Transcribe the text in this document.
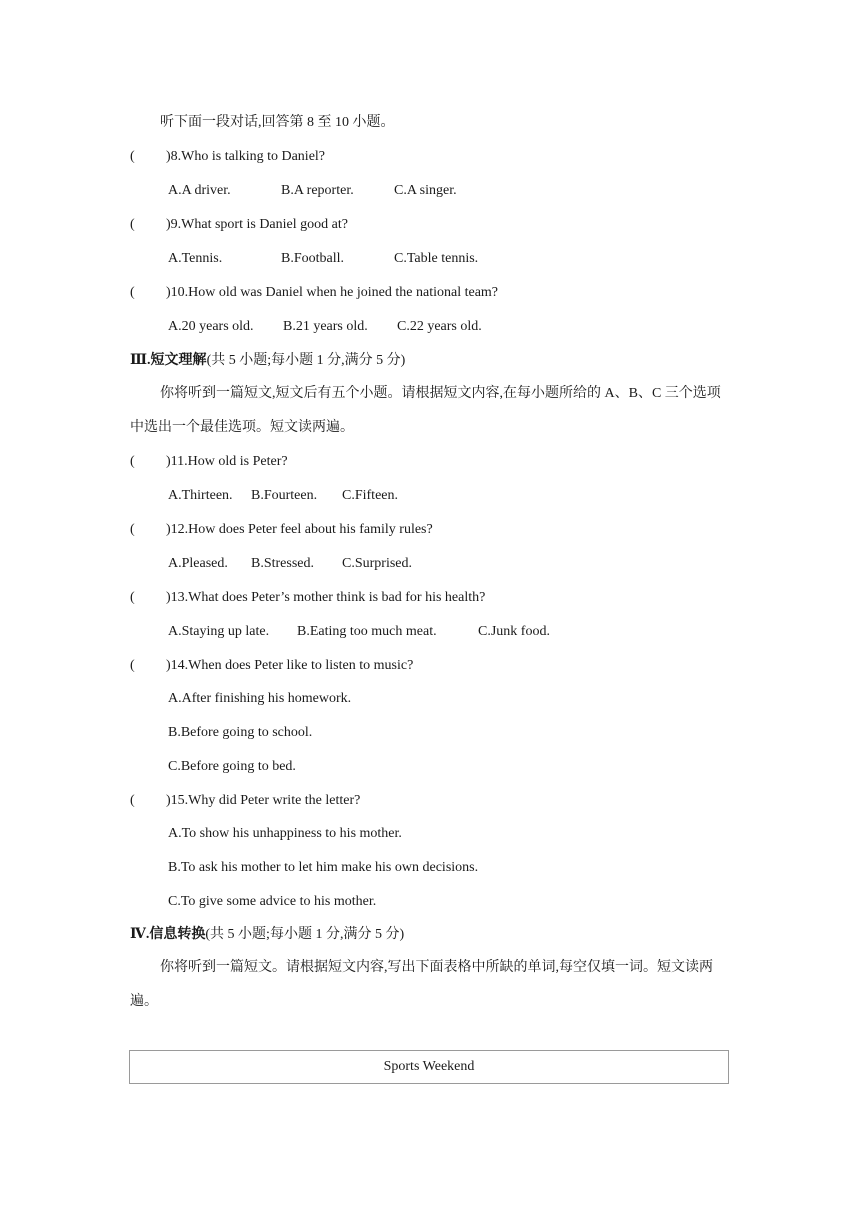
听下面一段对话,回答第 8 至 10 小题。
( )8.Who is talking to Daniel?
A.A driver.	B.A reporter.	C.A singer.
( )9.What sport is Daniel good at?
A.Tennis.	B.Football.	C.Table tennis.
( )10.How old was Daniel when he joined the national team?
A.20 years old. B.21 years old. C.22 years old.
Ⅲ.短文理解(共 5 小题;每小题 1 分,满分 5 分)
你将听到一篇短文,短文后有五个小题。请根据短文内容,在每小题所给的 A、B、C 三个选项中选出一个最佳选项。短文读两遍。
( )11.How old is Peter?
A.Thirteen. B.Fourteen. C.Fifteen.
( )12.How does Peter feel about his family rules?
A.Pleased. B.Stressed. C.Surprised.
( )13.What does Peter’s mother think is bad for his health?
A.Staying up late. B.Eating too much meat.	C.Junk food.
( )14.When does Peter like to listen to music?
A.After finishing his homework.
B.Before going to school.
C.Before going to bed.
( )15.Why did Peter write the letter?
A.To show his unhappiness to his mother.
B.To ask his mother to let him make his own decisions.
C.To give some advice to his mother.
Ⅳ.信息转换(共 5 小题;每小题 1 分,满分 5 分)
你将听到一篇短文。请根据短文内容,写出下面表格中所缺的单词,每空仅填一词。短文读两遍。
Sports Weekend
